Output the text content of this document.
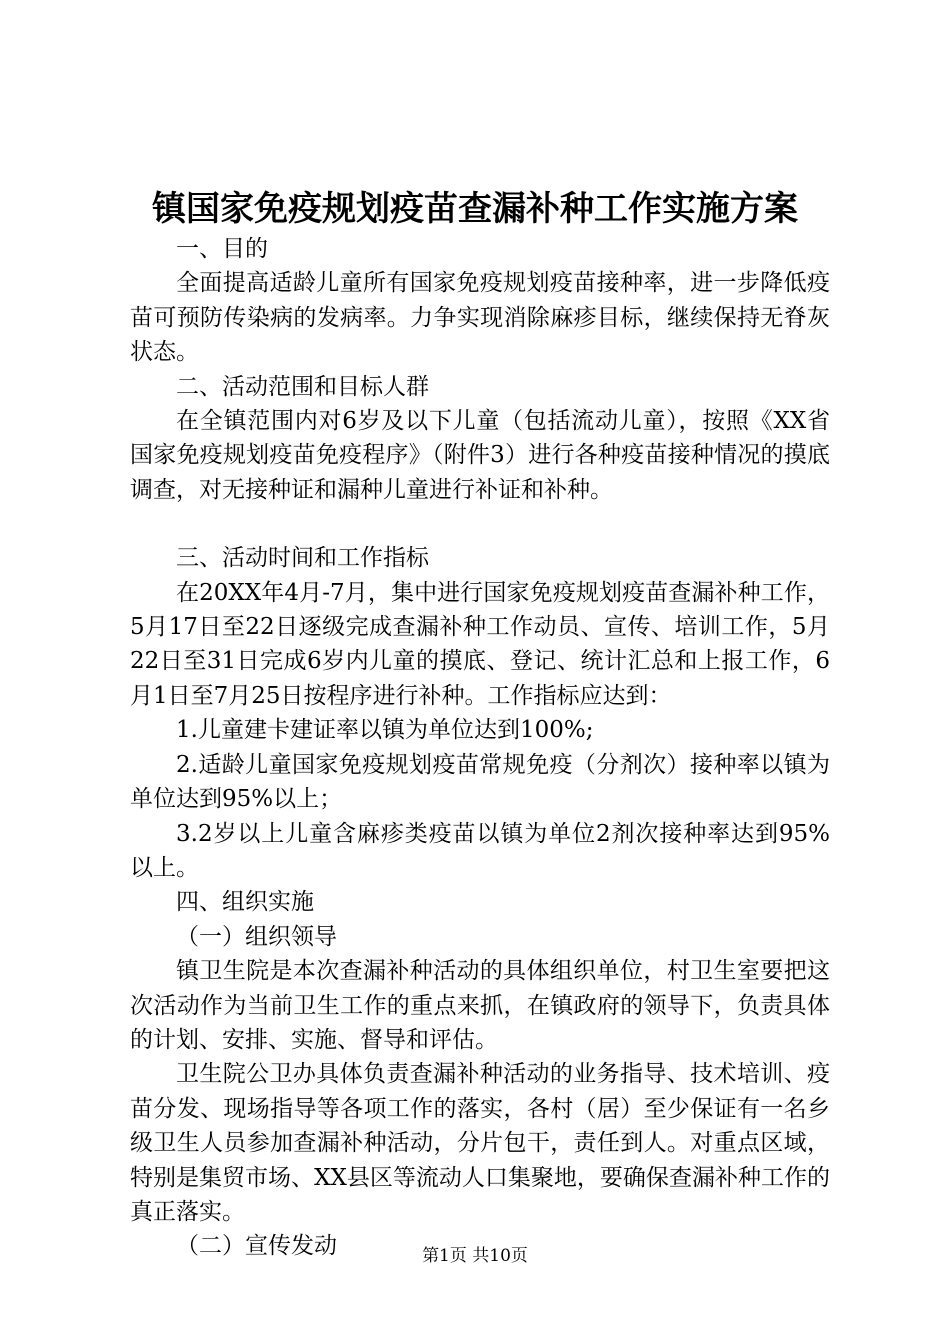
镇国家免疫规划疫苗查漏补种工作实施方案

一、目的

全面提高适龄儿童所有国家免疫规划疫苗接种率，进一步降低疫苗可预防传染病的发病率。力争实现消除麻疹目标，继续保持无脊灰状态。

二、活动范围和目标人群

在全镇范围内对6岁及以下儿童（包括流动儿童），按照《XX省国家免疫规划疫苗免疫程序》（附件3）进行各种疫苗接种情况的摸底调查，对无接种证和漏种儿童进行补证和补种。

三、活动时间和工作指标

在20XX年4月-7月，集中进行国家免疫规划疫苗查漏补种工作，5月17日至22日逐级完成查漏补种工作动员、宣传、培训工作，5月22日至31日完成6岁内儿童的摸底、登记、统计汇总和上报工作，6月1日至7月25日按程序进行补种。工作指标应达到：

1.儿童建卡建证率以镇为单位达到100%;

2.适龄儿童国家免疫规划疫苗常规免疫（分剂次）接种率以镇为单位达到95%以上；

3.2岁以上儿童含麻疹类疫苗以镇为单位2剂次接种率达到95%以上。

四、组织实施

（一）组织领导

镇卫生院是本次查漏补种活动的具体组织单位，村卫生室要把这次活动作为当前卫生工作的重点来抓，在镇政府的领导下，负责具体的计划、安排、实施、督导和评估。

卫生院公卫办具体负责查漏补种活动的业务指导、技术培训、疫苗分发、现场指导等各项工作的落实，各村（居）至少保证有一名乡级卫生人员参加查漏补种活动，分片包干，责任到人。对重点区域，特别是集贸市场、XX县区等流动人口集聚地，要确保查漏补种工作的真正落实。

（二）宣传发动	第1页 共10页
